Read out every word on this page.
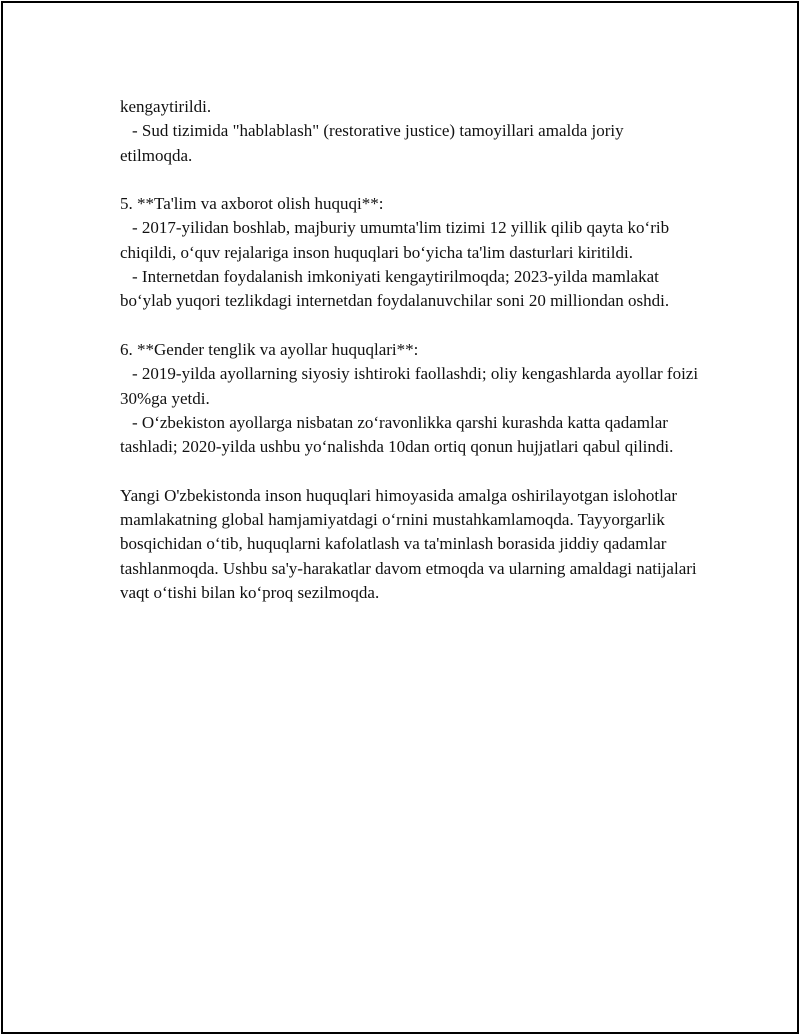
kengaytirildi.

- Sud tizimida "hablablash" (restorative justice) tamoyillari amalda joriy etilmoqda.

5. **Ta'lim va axborot olish huquqi**:

- 2017-yilidan boshlab, majburiy umumta'lim tizimi 12 yillik qilib qayta koʻrib chiqildi, oʻquv rejalariga inson huquqlari boʻyicha ta'lim dasturlari kiritildi.

- Internetdan foydalanish imkoniyati kengaytirilmoqda; 2023-yilda mamlakat boʻylab yuqori tezlikdagi internetdan foydalanuvchilar soni 20 milliondan oshdi.

6. **Gender tenglik va ayollar huquqlari**:

- 2019-yilda ayollarning siyosiy ishtiroki faollashdi; oliy kengashlarda ayollar foizi 30%ga yetdi.

- Oʻzbekiston ayollarga nisbatan zoʻravonlikka qarshi kurashda katta qadamlar tashladi; 2020-yilda ushbu yoʻnalishda 10dan ortiq qonun hujjatlari qabul qilindi.

Yangi O'zbekistonda inson huquqlari himoyasida amalga oshirilayotgan islohotlar mamlakatning global hamjamiyatdagi oʻrnini mustahkamlamoqda. Tayyorgarlik bosqichidan oʻtib, huquqlarni kafolatlash va ta'minlash borasida jiddiy qadamlar tashlanmoqda. Ushbu sa'y-harakatlar davom etmoqda va ularning amaldagi natijalari vaqt oʻtishi bilan koʻproq sezilmoqda.
